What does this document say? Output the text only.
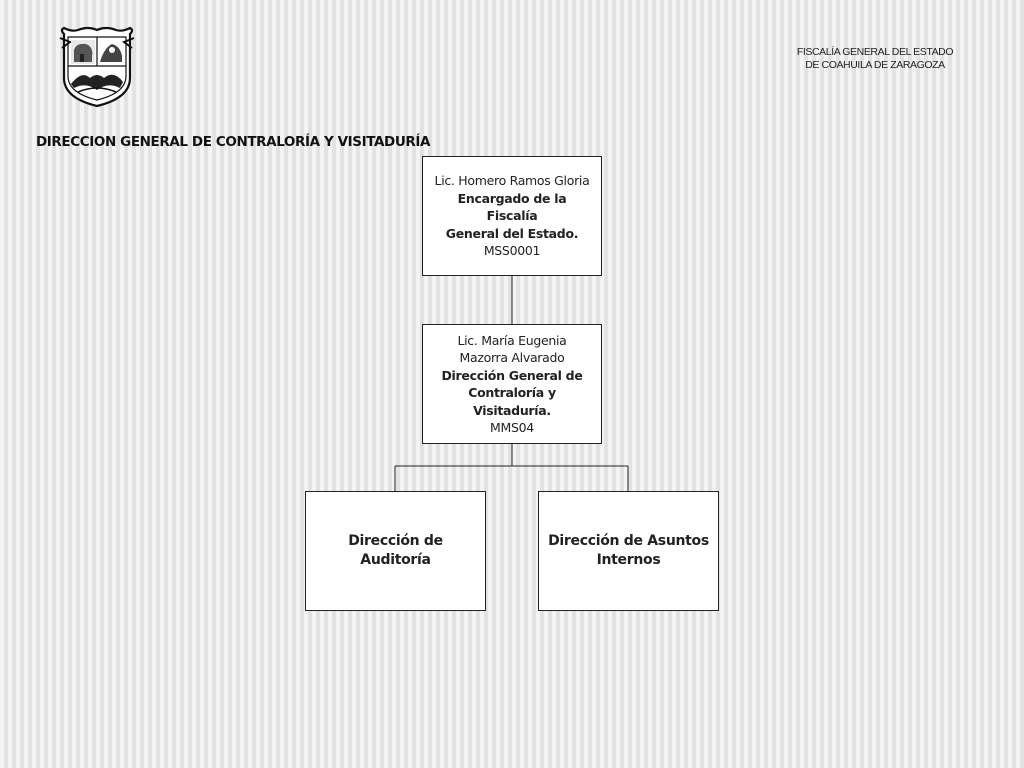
FISCALÍA GENERAL DEL ESTADO
DE COAHUILA DE ZARAGOZA
DIRECCION GENERAL DE CONTRALORÍA Y VISITADURÍA
Lic. Homero Ramos Gloria
Encargado de la Fiscalía
General del Estado.
MSS0001
Lic. María Eugenia
Mazorra Alvarado
Dirección General de
Contraloría y Visitaduría.
MMS04
Dirección de Auditoría
Dirección de Asuntos
Internos
